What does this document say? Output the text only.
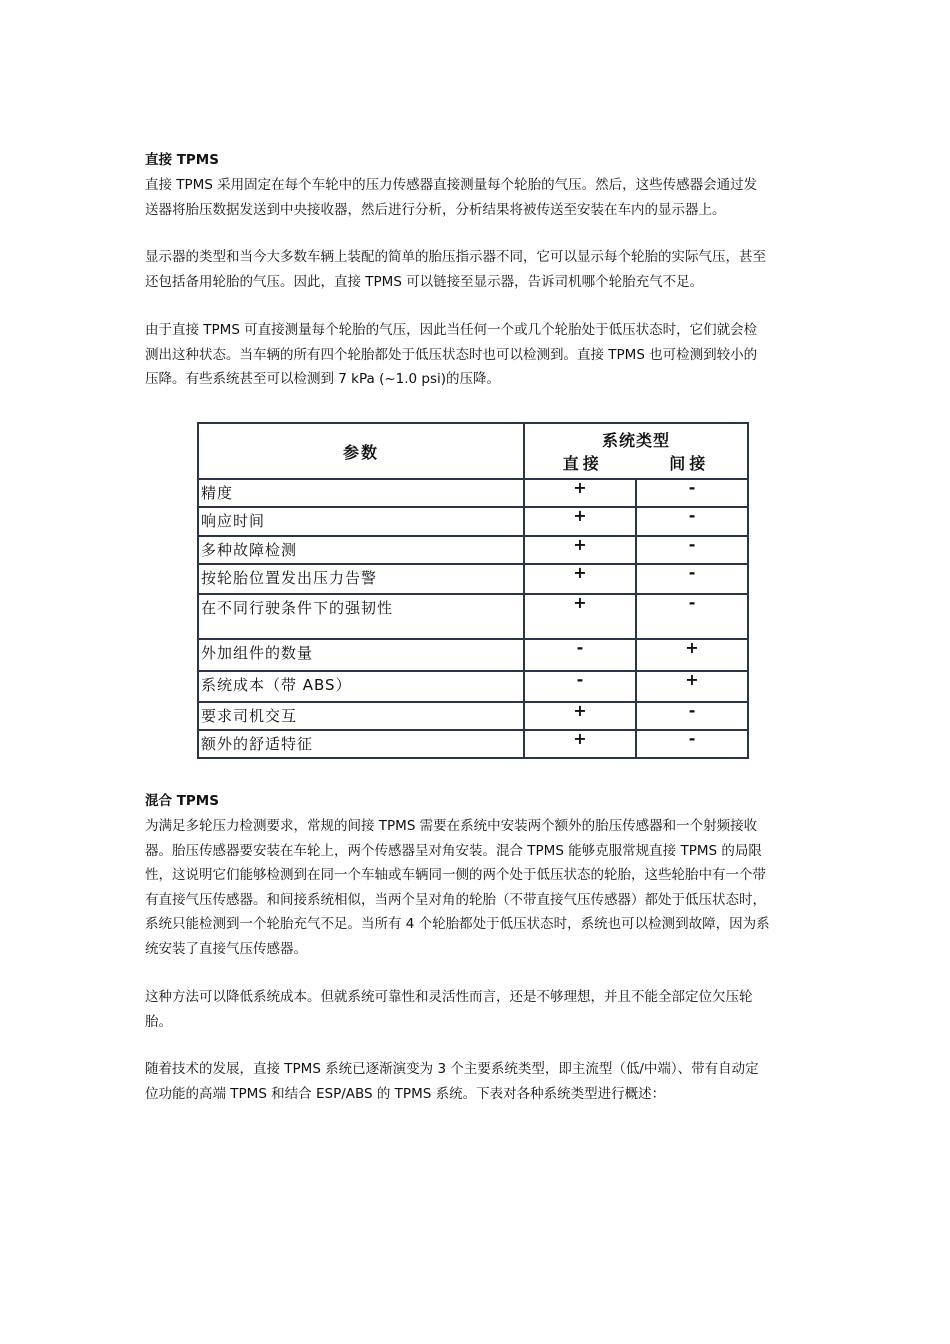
直接 TPMS

直接 TPMS 采用固定在每个车轮中的压力传感器直接测量每个轮胎的气压。然后，这些传感器会通过发
送器将胎压数据发送到中央接收器，然后进行分析，分析结果将被传送至安装在车内的显示器上。

显示器的类型和当今大多数车辆上装配的简单的胎压指示器不同，它可以显示每个轮胎的实际气压，甚至
还包括备用轮胎的气压。因此，直接 TPMS 可以链接至显示器，告诉司机哪个轮胎充气不足。

由于直接 TPMS 可直接测量每个轮胎的气压，因此当任何一个或几个轮胎处于低压状态时，它们就会检
测出这种状态。当车辆的所有四个轮胎都处于低压状态时也可以检测到。直接 TPMS 也可检测到较小的
压降。有些系统甚至可以检测到 7 kPa (~1.0 psi)的压降。

参数	系统类型	
	直接 间接	
精度	+	-
响应时间	+	-
多种故障检测	+	-
按轮胎位置发出压力告警	+	-
在不同行驶条件下的强韧性	+	-
外加组件的数量	-	+
系统成本（带 ABS）	-	+
要求司机交互	+	-
额外的舒适特征	+	-
混合 TPMS

为满足多轮压力检测要求，常规的间接 TPMS 需要在系统中安装两个额外的胎压传感器和一个射频接收
器。胎压传感器要安装在车轮上，两个传感器呈对角安装。混合 TPMS 能够克服常规直接 TPMS 的局限
性，这说明它们能够检测到在同一个车轴或车辆同一侧的两个处于低压状态的轮胎，这些轮胎中有一个带
有直接气压传感器。和间接系统相似，当两个呈对角的轮胎（不带直接气压传感器）都处于低压状态时，
系统只能检测到一个轮胎充气不足。当所有 4 个轮胎都处于低压状态时，系统也可以检测到故障，因为系
统安装了直接气压传感器。

这种方法可以降低系统成本。但就系统可靠性和灵活性而言，还是不够理想，并且不能全部定位欠压轮
胎。

随着技术的发展，直接 TPMS 系统已逐渐演变为 3 个主要系统类型，即主流型（低/中端）、带有自动定
位功能的高端 TPMS 和结合 ESP/ABS 的 TPMS 系统。下表对各种系统类型进行概述：
